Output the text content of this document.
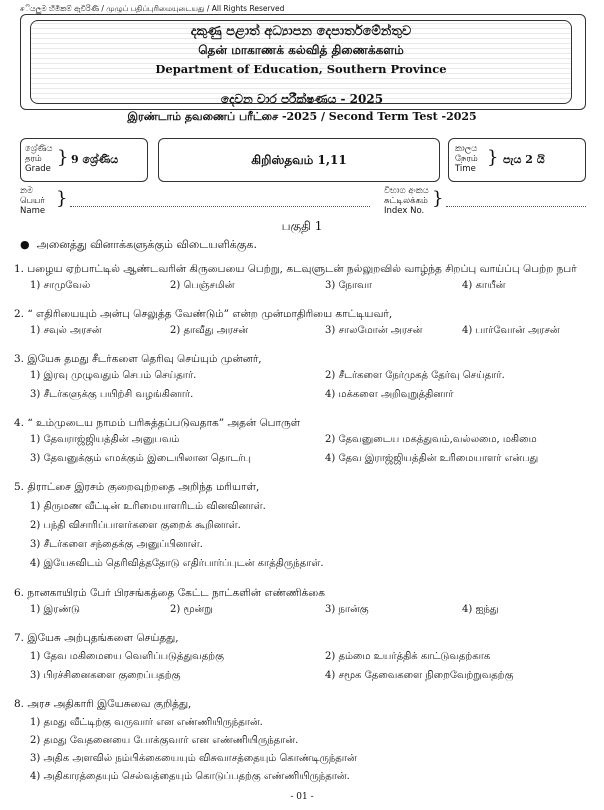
சියලුම හිමිකම් ඇවිරිණි / முழுப் பதிப்புரிமையுடையது / All Rights Reserved
දකුණු පළාත් අධ්‍යාපන දෙපාර්තමේන්තුව
தென் மாகாணக் கல்வித் திணைக்களம்
Department of Education, Southern Province
දෙවන වාර පරීක්ෂණය - 2025
இரண்டாம் தவணைப் பரீட்சை -2025 / Second Term Test -2025
ශ්‍රේණිය
தரம்
Grade
} 9 ශ්‍රේණිය	கிறிஸ்தவம் 1,11
කාලය
நேரம்
Time
} පැය 2 යි
නම
பெயர்
Name
}	විභාග අංකය
சுட்டிலக்கம்
Index No.
}
பகுதி 1
● அனைத்து வினாக்களுக்கும் விடையளிக்குக.
1. பழைய ஏற்பாட்டில் ஆண்டவரின் கிருபையை பெற்று, கடவுளுடன் நல்லுறவில் வாழ்ந்த சிறப்பு வாய்ப்பு பெற்ற நபர்
1) சாமுவேல்	2) பெஞ்சமின்	3) நோவா	4) காயீன்
2. “ எதிரியையும் அன்பு செலுத்த வேண்டும்” என்ற முன்மாதிரியை காட்டியவர்,
1) சவுல் அரசன்	2) தாவீது அரசன்	3) சாலமோன் அரசன்	4) பார்வோன் அரசன்
3. இயேசு தமது சீடர்களை தெரிவு செய்யும் முன்னர்,
1) இரவு முழுவதும் செபம் செய்தார்.	2) சீடர்களை நேர்முகத் தேர்வு செய்தார்.
3) சீடர்களுக்கு பயிற்சி வழங்கினார்.	4) மக்களை அறிவுறுத்தினார்
4. “ உம்முடைய நாமம் பரிசுத்தப்படுவதாக” அதன் பொருள்
1) தேவராஜ்ஜியத்தின் அனுபவம்	2) தேவனுடைய மகத்துவம்,வல்லமை, மகிமை
3) தேவனுக்கும் எமக்கும் இடையிலான தொடர்பு	4) தேவ இராஜ்ஜியத்தின் உரிமையாளர் என்பது
5. திராட்சை இரசம் குறைவுற்றதை அறிந்த மரியாள்,
1) திருமண வீட்டின் உரிமையாளரிடம் வினவினாள்.
2) பந்தி விசாரிப்பாளர்களை குறைக் கூறினாள்.
3) சீடர்களை சந்தைக்கு அனுப்பினாள்.
4) இயேசுவிடம் தெரிவித்ததோடு எதிர்பார்ப்புடன் காத்திருந்தாள்.
6. நானகாயிரம் பேர் பிரசங்கத்தை கேட்ட நாட்களின் எண்ணிக்கை
1) இரண்டு	2) மூன்று	3) நான்கு	4) ஐந்து
7. இயேசு அற்புதங்களை செய்தது,
1) தேவ மகிமையை வெளிப்படுத்துவதற்கு	2) தம்மை உயர்த்திக் காட்டுவதற்காக
3) பிரச்சினைகளை குறைப்பதற்கு	4) சமூக தேவைகளை நிறைவேற்றுவதற்கு
8. அரச அதிகாரி இயேசுவை குறித்து,
1) தமது வீட்டிற்கு வருவார் என எண்ணியிருந்தான்.
2) தமது வேதனையை போக்குவார் என எண்ணியிருந்தான்.
3) அதிக அளவில் நம்பிக்கையையும் விசுவாசத்தையும் கொண்டிருந்தான்
4) அதிகாரத்தையும் செல்வத்தையும் கொடுப்பதற்கு எண்ணியிருந்தான்.
- 01 -
